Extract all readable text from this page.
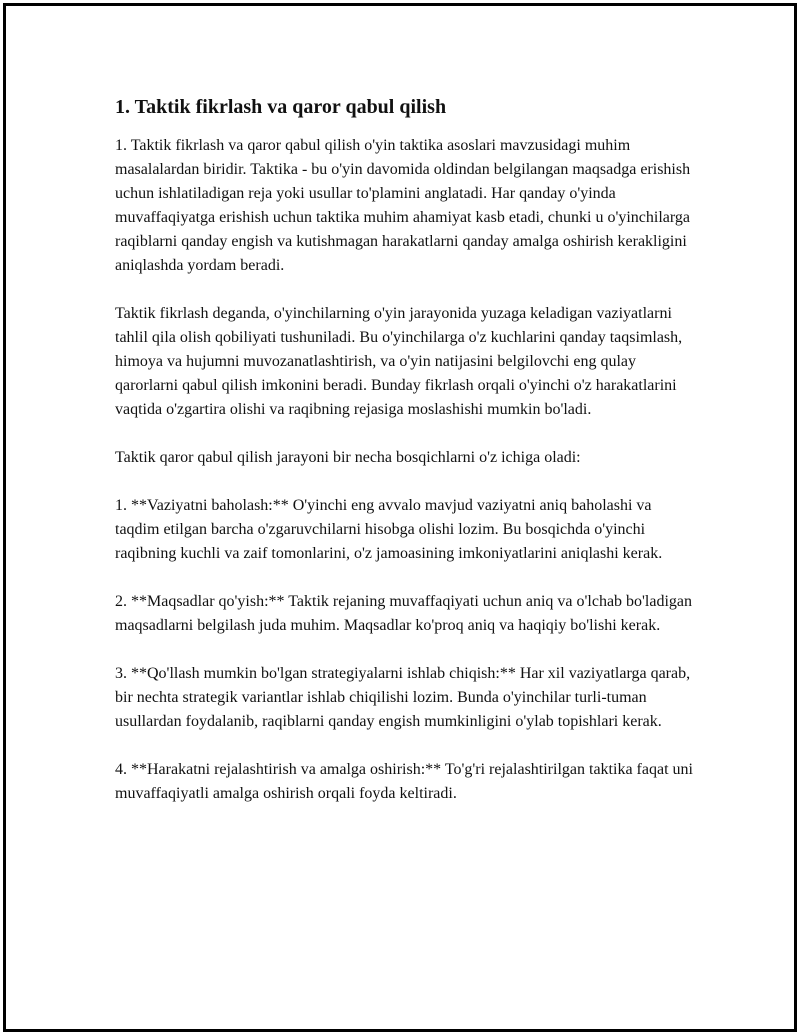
1. Taktik fikrlash va qaror qabul qilish

1. Taktik fikrlash va qaror qabul qilish o'yin taktika asoslari mavzusidagi muhim masalalardan biridir. Taktika - bu o'yin davomida oldindan belgilangan maqsadga erishish uchun ishlatiladigan reja yoki usullar to'plamini anglatadi. Har qanday o'yinda muvaffaqiyatga erishish uchun taktika muhim ahamiyat kasb etadi, chunki u o'yinchilarga raqiblarni qanday engish va kutishmagan harakatlarni qanday amalga oshirish kerakligini aniqlashda yordam beradi.

Taktik fikrlash deganda, o'yinchilarning o'yin jarayonida yuzaga keladigan vaziyatlarni tahlil qila olish qobiliyati tushuniladi. Bu o'yinchilarga o'z kuchlarini qanday taqsimlash, himoya va hujumni muvozanatlashtirish, va o'yin natijasini belgilovchi eng qulay qarorlarni qabul qilish imkonini beradi. Bunday fikrlash orqali o'yinchi o'z harakatlarini vaqtida o'zgartira olishi va raqibning rejasiga moslashishi mumkin bo'ladi.

Taktik qaror qabul qilish jarayoni bir necha bosqichlarni o'z ichiga oladi:

1. **Vaziyatni baholash:** O'yinchi eng avvalo mavjud vaziyatni aniq baholashi va taqdim etilgan barcha o'zgaruvchilarni hisobga olishi lozim. Bu bosqichda o'yinchi raqibning kuchli va zaif tomonlarini, o'z jamoasining imkoniyatlarini aniqlashi kerak.

2. **Maqsadlar qo'yish:** Taktik rejaning muvaffaqiyati uchun aniq va o'lchab bo'ladigan maqsadlarni belgilash juda muhim. Maqsadlar ko'proq aniq va haqiqiy bo'lishi kerak.

3. **Qo'llash mumkin bo'lgan strategiyalarni ishlab chiqish:** Har xil vaziyatlarga qarab, bir nechta strategik variantlar ishlab chiqilishi lozim. Bunda o'yinchilar turli-tuman usullardan foydalanib, raqiblarni qanday engish mumkinligini o'ylab topishlari kerak.

4. **Harakatni rejalashtirish va amalga oshirish:** To'g'ri rejalashtirilgan taktika faqat uni muvaffaqiyatli amalga oshirish orqali foyda keltiradi.
